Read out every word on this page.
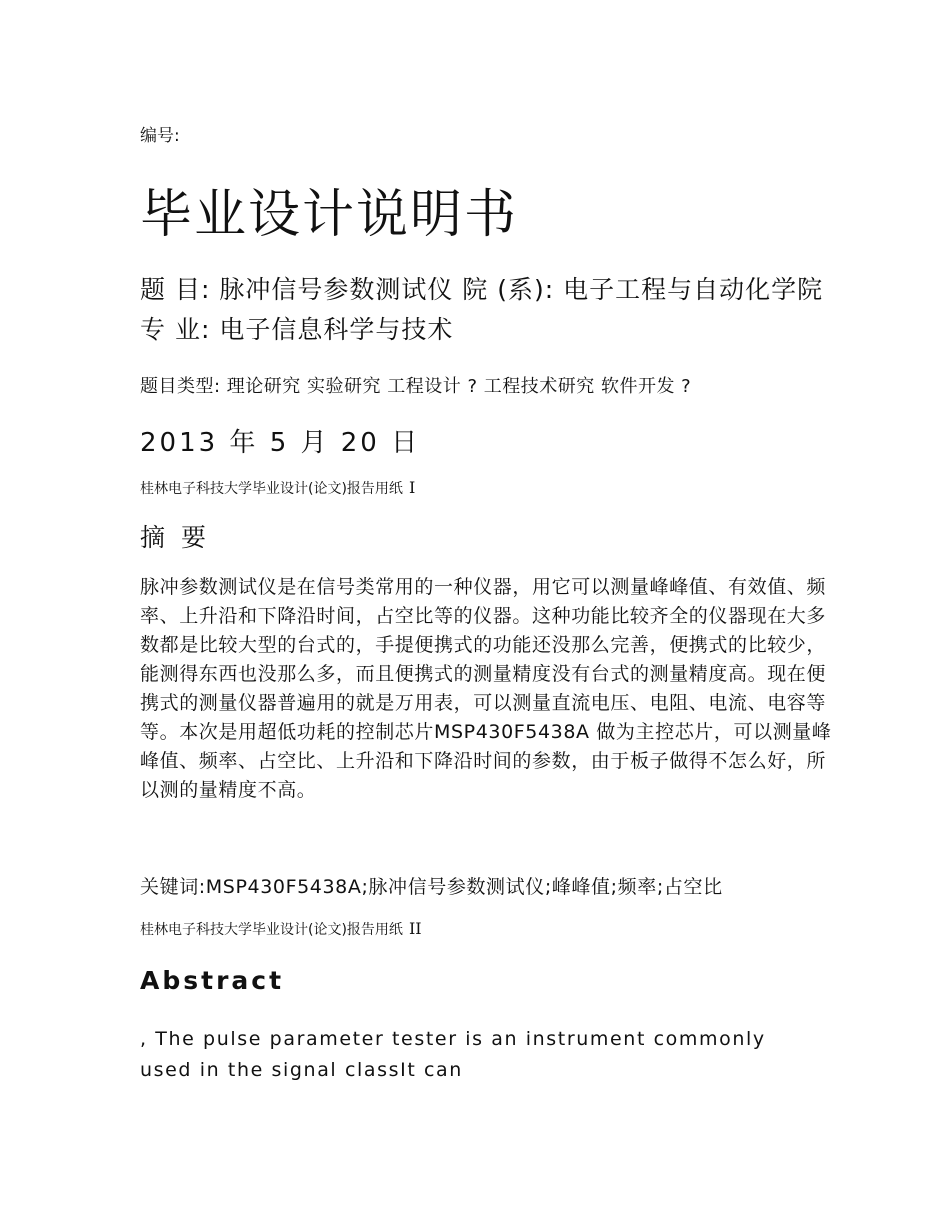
编号:
毕业设计说明书
题 目: 脉冲信号参数测试仪 院 (系): 电子工程与自动化学院 专 业: 电子信息科学与技术
题目类型: 理论研究 实验研究 工程设计 ? 工程技术研究 软件开发 ?
2013 年 5 月 20 日
桂林电子科技大学毕业设计(论文)报告用纸 I
摘 要
脉冲参数测试仪是在信号类常用的一种仪器，用它可以测量峰峰值、有效值、频率、上升沿和下降沿时间，占空比等的仪器。这种功能比较齐全的仪器现在大多数都是比较大型的台式的，手提便携式的功能还没那么完善，便携式的比较少，能测得东西也没那么多，而且便携式的测量精度没有台式的测量精度高。现在便携式的测量仪器普遍用的就是万用表，可以测量直流电压、电阻、电流、电容等等。本次是用超低功耗的控制芯片MSP430F5438A 做为主控芯片，可以测量峰峰值、频率、占空比、上升沿和下降沿时间的参数，由于板子做得不怎么好，所以测的量精度不高。
关键词:MSP430F5438A;脉冲信号参数测试仪;峰峰值;频率;占空比
桂林电子科技大学毕业设计(论文)报告用纸 II
Abstract
, The pulse parameter tester is an instrument commonly used in the signal classIt can
